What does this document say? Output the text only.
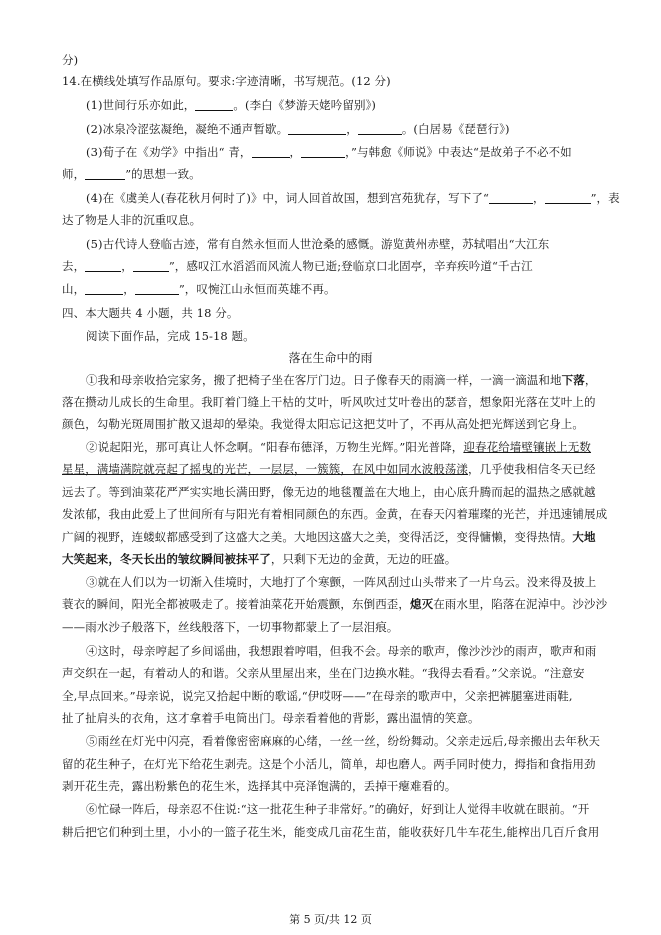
分)
14.在横线处填写作品原句。要求:字迹清晰，书写规范。(12 分)
(1)世间行乐亦如此，	。(李白《梦游天姥吟留别》)
(2)冰泉冷涩弦凝绝，凝绝不通声暂歇。	，	。(白居易《琵琶行》)
(3)荀子在《劝学》中指出“ 青，	，	，”与韩愈《师说》中表达“是故弟子不必不如
师，	”的思想一致。
(4)在《虞美人(春花秋月何时了)》中，词人回首故国，想到宫苑犹存，写下了“	，	”，表
达了物是人非的沉重叹息。
(5)古代诗人登临古迹，常有自然永恒而人世沧桑的感慨。游览黄州赤壁，苏轼唱出“大江东
去，	，	”，感叹江水滔滔而风流人物已逝;登临京口北固亭，辛弃疾吟道“千古江
山，	，	”，叹惋江山永恒而英雄不再。
四、本大题共 4 小题，共 18 分。
阅读下面作品，完成 15-18 题。
落在生命中的雨
①我和母亲收拾完家务，搬了把椅子坐在客厅门边。日子像春天的雨滴一样，一滴一滴温和地下落，
落在攒动儿成长的生命里。我盯着门缝上干枯的艾叶，听风吹过艾叶卷出的瑟音，想象阳光落在艾叶上的
颜色，勾勒光斑周围扩散又退却的晕染。我觉得太阳忘记这把艾叶了，不再从高处把光辉送到它身上。
②说起阳光，那可真让人怀念啊。“阳春布德泽，万物生光辉。”阳光普降，迎春花给墙壁镶嵌上无数
星星，满墙满院就亮起了摇曳的光芒，一层层，一簇簇，在风中如同水波般荡漾，几乎使我相信冬天已经
远去了。等到油菜花严严实实地长满田野，像无边的地毯覆盖在大地上，由心底升腾而起的温热之感就越
发浓郁，我由此爱上了世间所有与阳光有着相同颜色的东西。金黄，在春天闪着璀璨的光芒，并迅速铺展成
广阔的视野，连蝼蚁都感受到了这盛大之美。大地因这盛大之美，变得活泛，变得慵懒，变得热情。大地
大笑起来，冬天长出的皱纹瞬间被抹平了，只剩下无边的金黄，无边的旺盛。
③就在人们以为一切渐入佳境时，大地打了个寒颤，一阵风刮过山头带来了一片乌云。没来得及披上
蓑衣的瞬间，阳光全都被吸走了。接着油菜花开始震颤，东倒西歪，熄灭在雨水里，陷落在泥淖中。沙沙沙
——雨水沙子般落下，丝线般落下，一切事物都蒙上了一层泪痕。
④这时，母亲哼起了乡间谣曲，我想跟着哼唱，但我不会。母亲的歌声，像沙沙沙的雨声，歌声和雨
声交织在一起，有着动人的和谐。父亲从里屋出来，坐在门边换水鞋。“我得去看看。”父亲说。“注意安
全,早点回来。”母亲说，说完又拾起中断的歌谣,“伊哎呀——”在母亲的歌声中，父亲把裤腿塞进雨鞋,
扯了扯肩头的衣角，这才拿着手电筒出门。母亲看着他的背影，露出温情的笑意。
⑤雨丝在灯光中闪亮，看着像密密麻麻的心绪，一丝一丝，纷纷舞动。父亲走远后,母亲搬出去年秋天
留的花生种子，在灯光下给花生剥壳。这是个小活儿，简单，却也磨人。两手同时使力，拇指和食指用劲
剥开花生壳，露出粉紫色的花生米，选择其中亮泽饱满的，丢掉干瘪难看的。
⑥忙碌一阵后，母亲忍不住说:“这一批花生种子非常好。”的确好，好到让人觉得丰收就在眼前。“开
耕后把它们种到土里，小小的一篮子花生米，能变成几亩花生苗，能收获好几牛车花生,能榨出几百斤食用
第 5 页/共 12 页
